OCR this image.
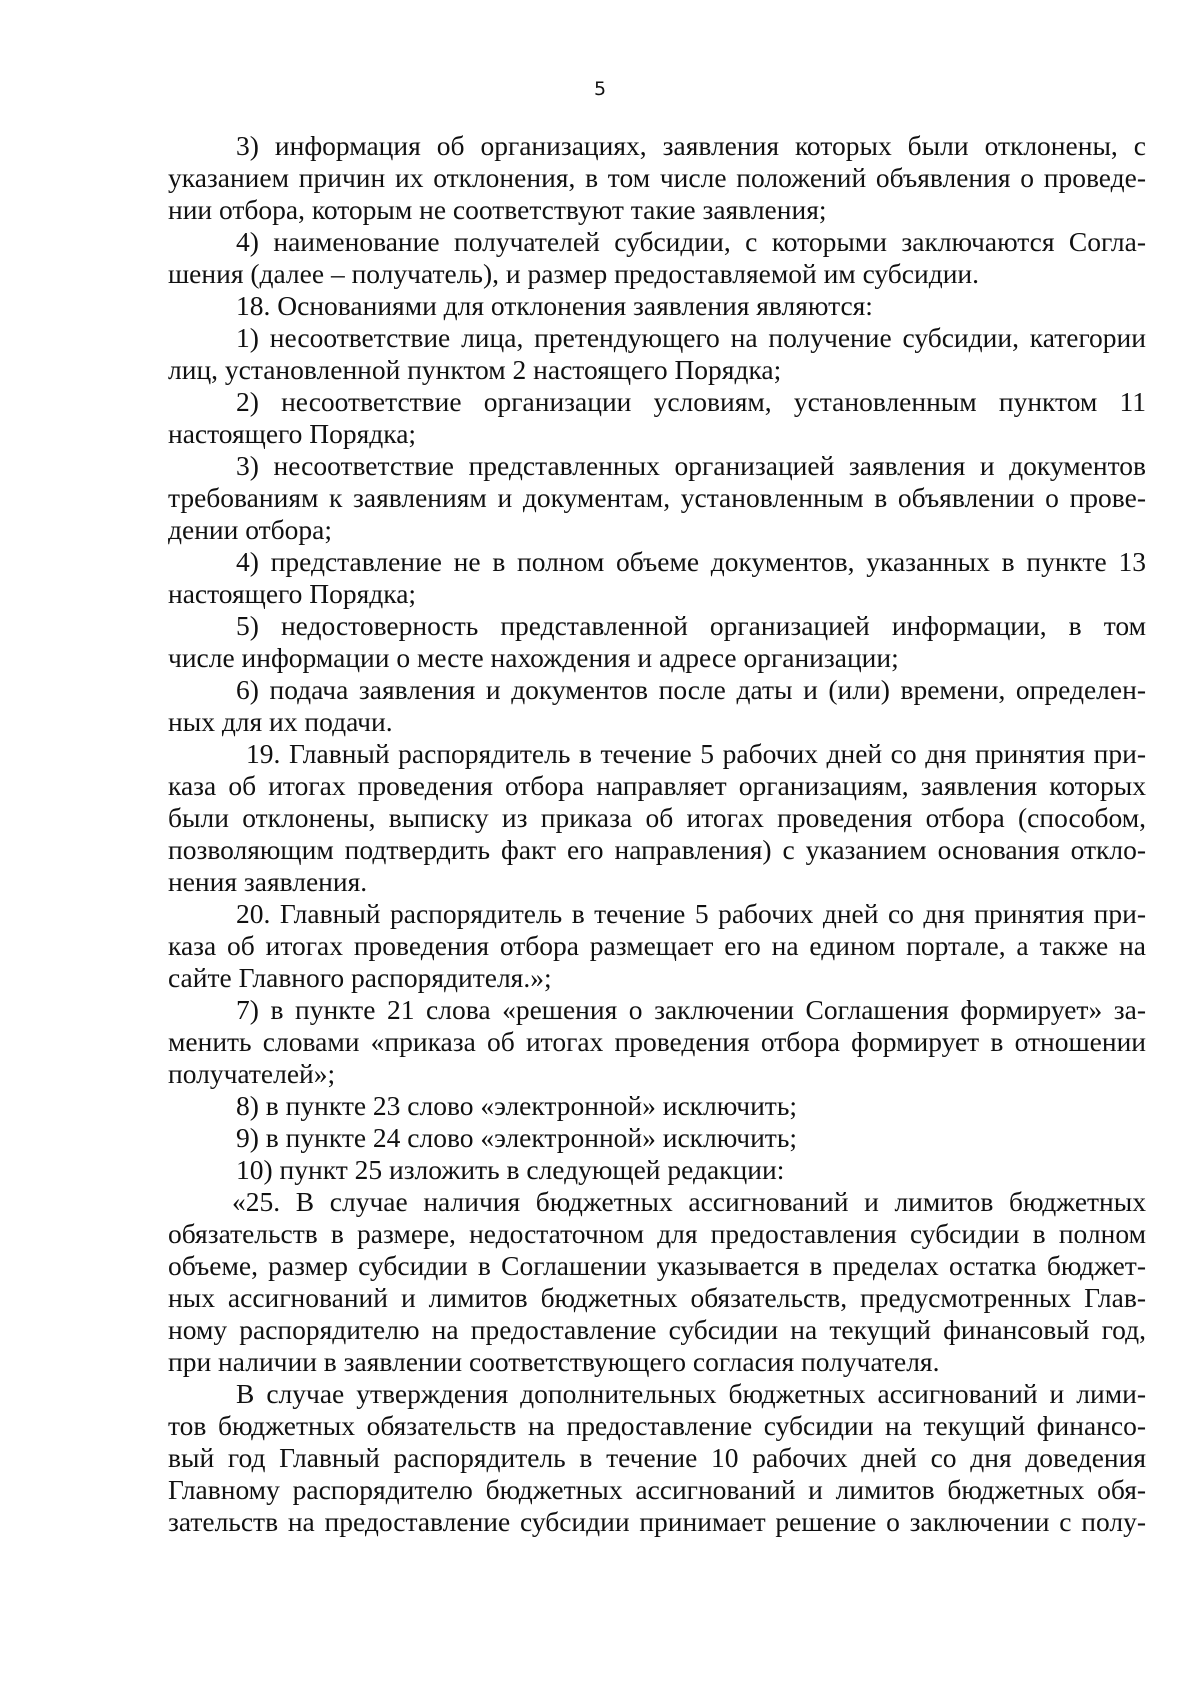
5
3) информация об организациях, заявления которых были отклонены, с
указанием причин их отклонения, в том числе положений объявления о проведе-
нии отбора, которым не соответствуют такие заявления;
4) наименование получателей субсидии, с которыми заключаются Согла-
шения (далее – получатель), и размер предоставляемой им субсидии.
18. Основаниями для отклонения заявления являются:
1) несоответствие лица, претендующего на получение субсидии, категории
лиц, установленной пунктом 2 настоящего Порядка;
2) несоответствие организации условиям, установленным пунктом 11
настоящего Порядка;
3) несоответствие представленных организацией заявления и документов
требованиям к заявлениям и документам, установленным в объявлении о прове-
дении отбора;
4) представление не в полном объеме документов, указанных в пункте 13
настоящего Порядка;
5) недостоверность представленной организацией информации, в том
числе информации о месте нахождения и адресе организации;
6) подача заявления и документов после даты и (или) времени, определен-
ных для их подачи.
19. Главный распорядитель в течение 5 рабочих дней со дня принятия при-
каза об итогах проведения отбора направляет организациям, заявления которых
были отклонены, выписку из приказа об итогах проведения отбора (способом,
позволяющим подтвердить факт его направления) с указанием основания откло-
нения заявления.
20. Главный распорядитель в течение 5 рабочих дней со дня принятия при-
каза об итогах проведения отбора размещает его на едином портале, а также на
сайте Главного распорядителя.»;
7) в пункте 21 слова «решения о заключении Соглашения формирует» за-
менить словами «приказа об итогах проведения отбора формирует в отношении
получателей»;
8) в пункте 23 слово «электронной» исключить;
9) в пункте 24 слово «электронной» исключить;
10) пункт 25 изложить в следующей редакции:
«25. В случае наличия бюджетных ассигнований и лимитов бюджетных
обязательств в размере, недостаточном для предоставления субсидии в полном
объеме, размер субсидии в Соглашении указывается в пределах остатка бюджет-
ных ассигнований и лимитов бюджетных обязательств, предусмотренных Глав-
ному распорядителю на предоставление субсидии на текущий финансовый год,
при наличии в заявлении соответствующего согласия получателя.
В случае утверждения дополнительных бюджетных ассигнований и лими-
тов бюджетных обязательств на предоставление субсидии на текущий финансо-
вый год Главный распорядитель в течение 10 рабочих дней со дня доведения
Главному распорядителю бюджетных ассигнований и лимитов бюджетных обя-
зательств на предоставление субсидии принимает решение о заключении с полу-
